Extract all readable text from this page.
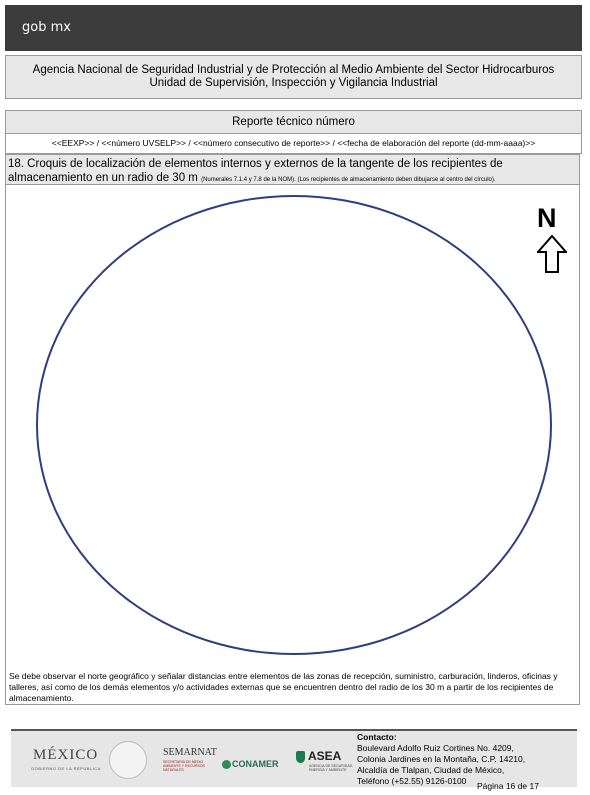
gob mx
Agencia Nacional de Seguridad Industrial y de Protección al Medio Ambiente del Sector Hidrocarburos
Unidad de Supervisión, Inspección y Vigilancia Industrial
Reporte técnico número
<<EEXP>> / <<número UVSELP>> / <<número consecutivo de reporte>> / <<fecha de elaboración del reporte (dd-mm-aaaa)>>
18. Croquis de localización de elementos internos y externos de la tangente de los recipientes de almacenamiento en un radio de 30 m (Numerales 7.1.4 y 7.8 de la NOM). (Los recipientes de almacenamiento deben dibujarse al centro del círculo).
N
Se debe observar el norte geográfico y señalar distancias entre elementos de las zonas de recepción, suministro, carburación, linderos, oficinas y talleres, así como de los demás elementos y/o actividades externas que se encuentren dentro del radio de los 30 m a partir de los recipientes de almacenamiento.
MÉXICO
GOBIERNO DE LA REPÚBLICA
SEMARNAT
SECRETARÍA DE MEDIO AMBIENTE Y RECURSOS NATURALES
CONAMER
ASEA
AGENCIA DE SEGURIDAD, ENERGÍA Y AMBIENTE
Contacto:
Boulevard Adolfo Ruiz Cortines No. 4209,
Colonia Jardines en la Montaña, C.P. 14210,
Alcaldía de Tlalpan, Ciudad de México,
Teléfono (+52.55) 9126-0100	Página 16 de 17
